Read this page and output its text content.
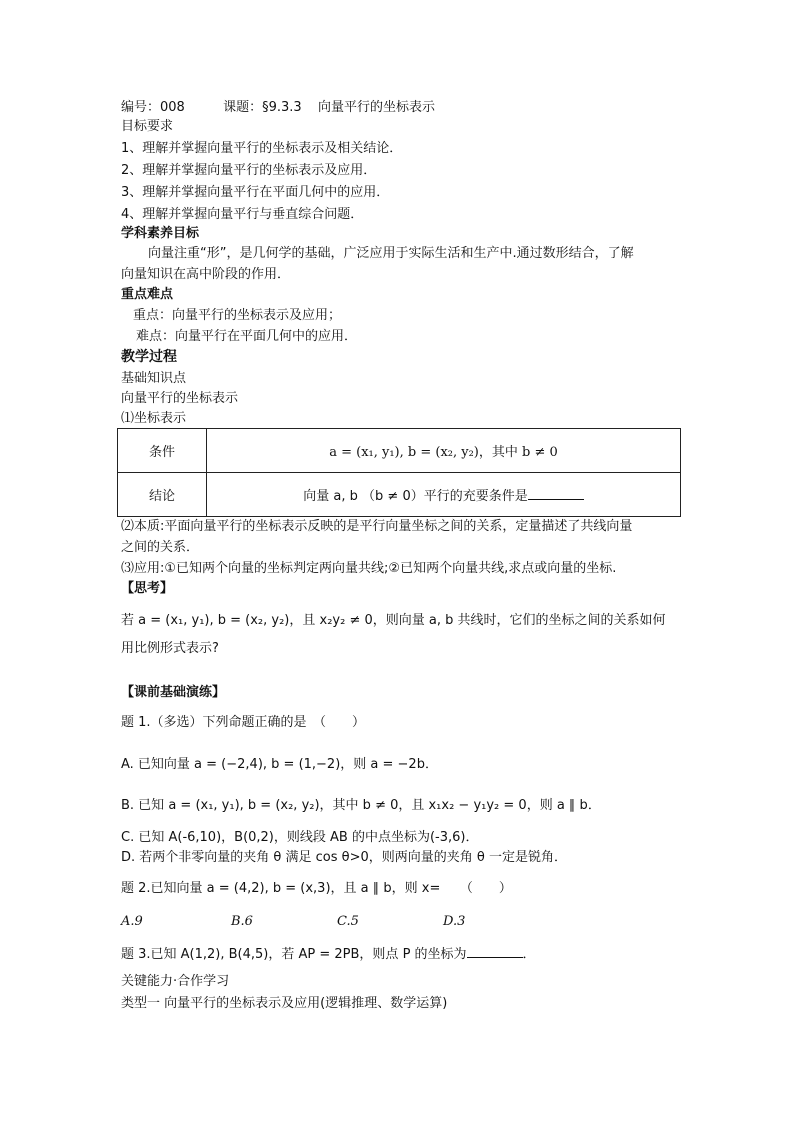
编号：008	课题：§9.3.3 向量平行的坐标表示
目标要求
1、理解并掌握向量平行的坐标表示及相关结论．
2、理解并掌握向量平行的坐标表示及应用．
3、理解并掌握向量平行在平面几何中的应用．
4、理解并掌握向量平行与垂直综合问题．
学科素养目标
向量注重“形”，是几何学的基础，广泛应用于实际生活和生产中.通过数形结合，了解
向量知识在高中阶段的作用．
重点难点
重点：向量平行的坐标表示及应用；
难点：向量平行在平面几何中的应用．
教学过程
基础知识点
向量平行的坐标表示
⑴坐标表示
条件	a = (x₁, y₁), b = (x₂, y₂)，其中 b ≠ 0
结论	向量 a, b （b ≠ 0）平行的充要条件是
⑵本质:平面向量平行的坐标表示反映的是平行向量坐标之间的关系，定量描述了共线向量
之间的关系．
⑶应用:①已知两个向量的坐标判定两向量共线;②已知两个向量共线,求点或向量的坐标.
【思考】
若 a = (x₁, y₁), b = (x₂, y₂)，且 x₂y₂ ≠ 0，则向量 a, b 共线时，它们的坐标之间的关系如何
用比例形式表示?
【课前基础演练】
题 1.（多选）下列命题正确的是　（　　）
A. 已知向量 a = (−2,4), b = (1,−2)，则 a = −2b．
B. 已知 a = (x₁, y₁), b = (x₂, y₂)，其中 b ≠ 0，且 x₁x₂ − y₁y₂ = 0，则 a ∥ b．
C. 已知 A(-6,10)，B(0,2)，则线段 AB 的中点坐标为(-3,6)．
D. 若两个非零向量的夹角 θ 满足 cos θ>0，则两向量的夹角 θ 一定是锐角．
题 2.已知向量 a = (4,2), b = (x,3)，且 a ∥ b，则 x=　　（　　）
A.9	B.6	C.5	D.3
题 3.已知 A(1,2), B(4,5)，若 AP = 2PB，则点 P 的坐标为	．
关键能力·合作学习
类型一 向量平行的坐标表示及应用(逻辑推理、数学运算)
